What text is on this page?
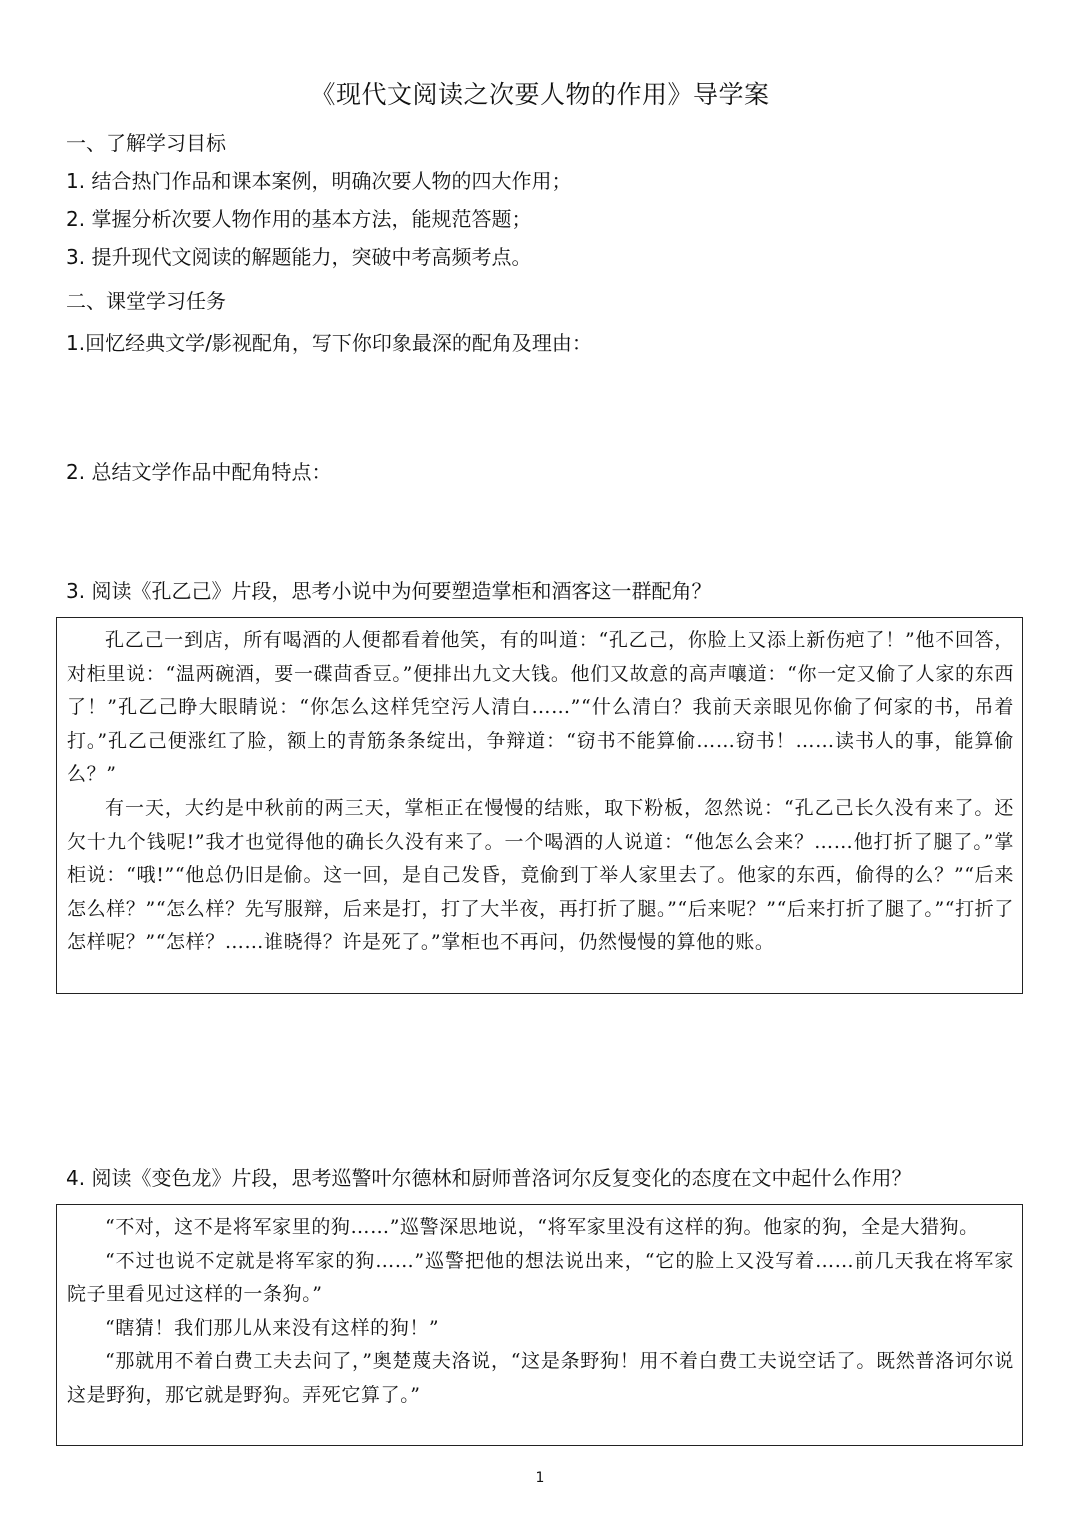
《现代文阅读之次要人物的作用》导学案
一、了解学习目标
1. 结合热门作品和课本案例，明确次要人物的四大作用；
2. 掌握分析次要人物作用的基本方法，能规范答题；
3. 提升现代文阅读的解题能力，突破中考高频考点。
二、课堂学习任务
1.回忆经典文学/影视配角，写下你印象最深的配角及理由：
2. 总结文学作品中配角特点：
3. 阅读《孔乙己》片段，思考小说中为何要塑造掌柜和酒客这一群配角？

孔乙己一到店，所有喝酒的人便都看着他笑，有的叫道：“孔乙己，你脸上又添上新伤疤了！”他不回答，对柜里说：“温两碗酒，要一碟茴香豆。”便排出九文大钱。他们又故意的高声嚷道：“你一定又偷了人家的东西了！”孔乙己睁大眼睛说：“你怎么这样凭空污人清白……”“什么清白？我前天亲眼见你偷了何家的书，吊着打。”孔乙己便涨红了脸，额上的青筋条条绽出，争辩道：“窃书不能算偷……窃书！……读书人的事，能算偷么？”

有一天，大约是中秋前的两三天，掌柜正在慢慢的结账，取下粉板，忽然说：“孔乙己长久没有来了。还欠十九个钱呢!”我才也觉得他的确长久没有来了。一个喝酒的人说道：“他怎么会来？……他打折了腿了。”掌柜说：“哦!”“他总仍旧是偷。这一回，是自己发昏，竟偷到丁举人家里去了。他家的东西，偷得的么？”“后来怎么样？”“怎么样？先写服辩，后来是打，打了大半夜，再打折了腿。”“后来呢？”“后来打折了腿了。”“打折了怎样呢？”“怎样？……谁晓得？许是死了。”掌柜也不再问，仍然慢慢的算他的账。

4. 阅读《变色龙》片段，思考巡警叶尔德林和厨师普洛诃尔反复变化的态度在文中起什么作用？

“不对，这不是将军家里的狗……”巡警深思地说，“将军家里没有这样的狗。他家的狗，全是大猎狗。

“不过也说不定就是将军家的狗……”巡警把他的想法说出来，“它的脸上又没写着……前几天我在将军家院子里看见过这样的一条狗。”

“瞎猜！我们那儿从来没有这样的狗！”

“那就用不着白费工夫去问了，”奥楚蔑夫洛说，“这是条野狗！用不着白费工夫说空话了。既然普洛诃尔说这是野狗，那它就是野狗。弄死它算了。”

1
